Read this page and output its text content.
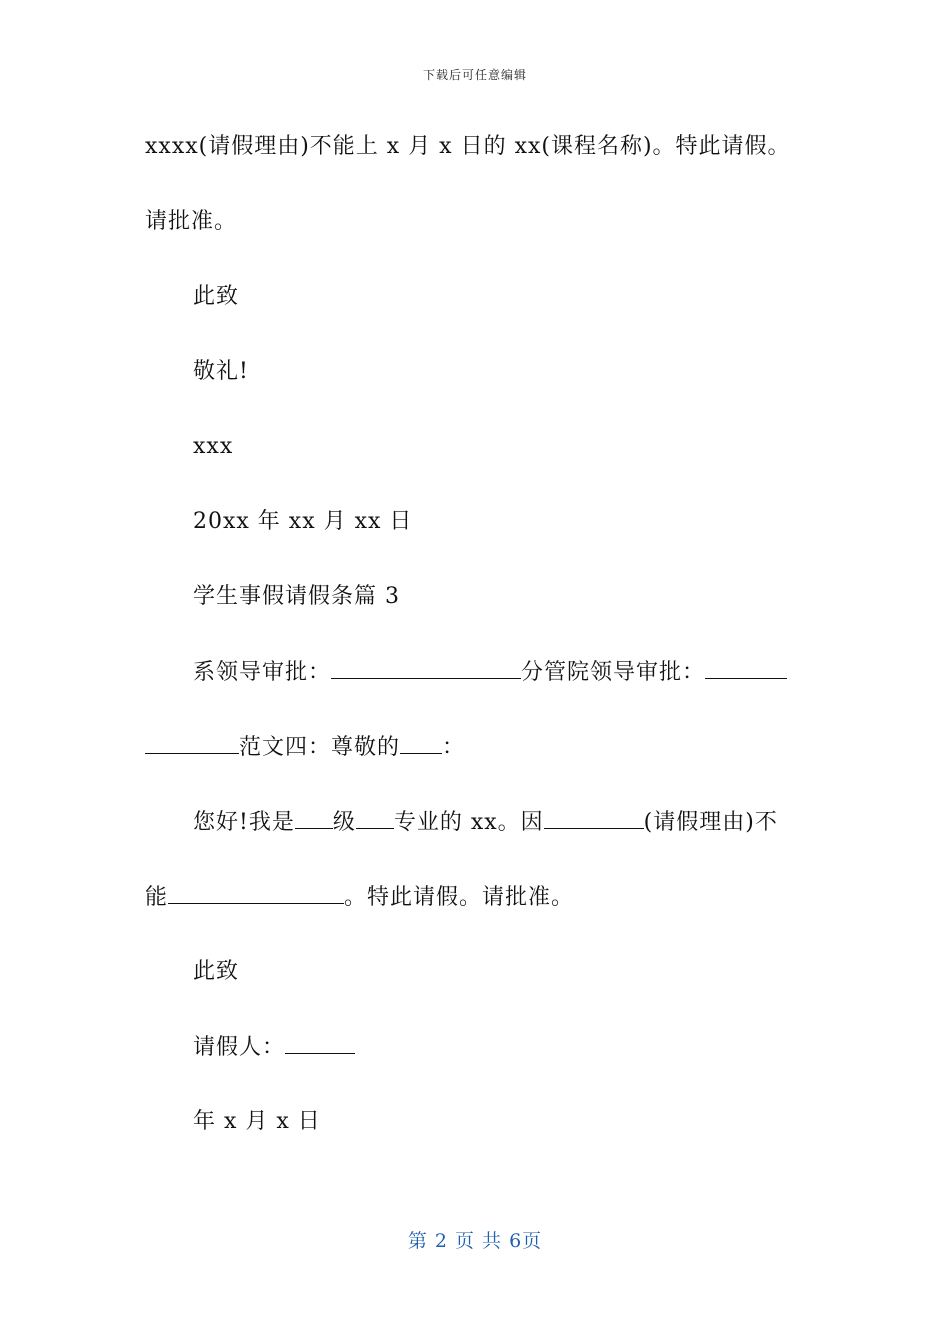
下载后可任意编辑
xxxx(请假理由)不能上 x 月 x 日的 xx(课程名称)。特此请假。
请批准。
此致
敬礼!
xxx
20xx 年 xx 月 xx 日
学生事假请假条篇 3
系领导审批：	分管院领导审批：
范文四：尊敬的 ：
您好!我是 级 专业的 xx。因	(请假理由)不
能	。特此请假。请批准。
此致
请假人：
年 x 月 x 日
第 2 页 共 6页
